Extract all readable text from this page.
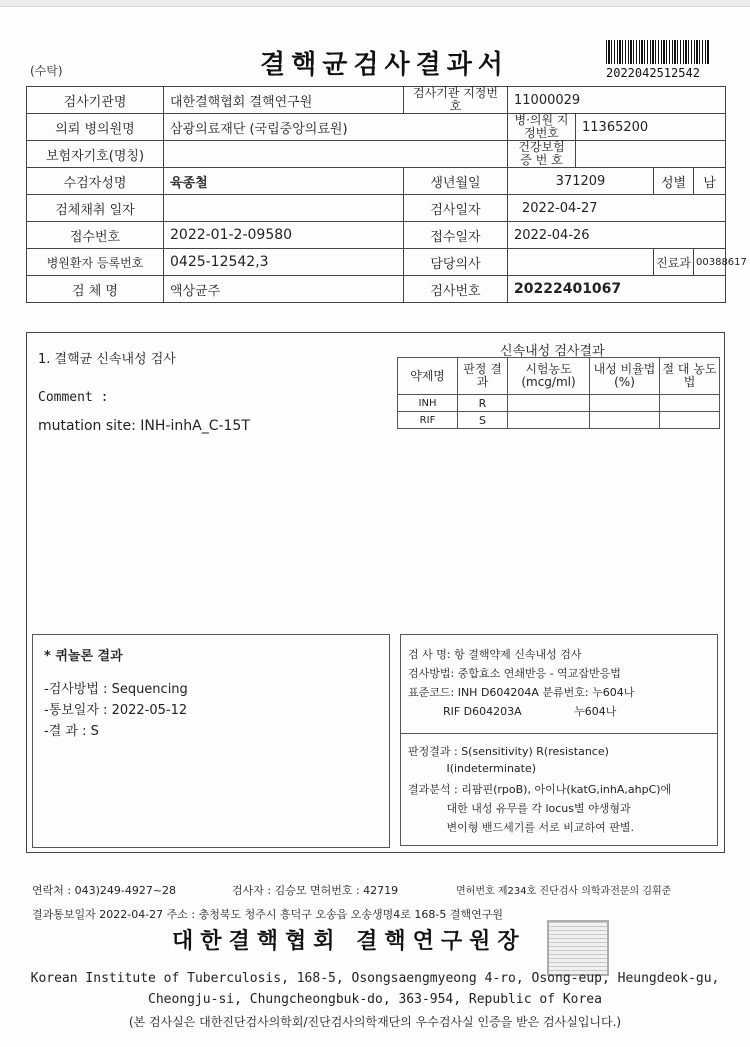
(수탁)	결핵균검사결과서	2022042512542
검사기관명	대한결핵협회 결핵연구원	검사기관 지정번호	11000029			
의뢰 병의원명	삼광의료재단 (국립중앙의료원)		병·의원 지정번호	11365200		
보험자기호(명칭)			건강보험 증 번 호			
수검자성명	육종철	생년월일	371209		성별	남
검체채취 일자		검사일자	2022-04-27			
접수번호	2022-01-2-09580	접수일자	2022-04-26			
병원환자 등록번호	0425-12542,3	담당의사			진료과	00388617
검 체 명	액상균주	검사번호	20222401067			
1. 결핵균 신속내성 검사
Comment :
mutation site: INH-inhA_C-15T
신속내성 검사결과
약제명	판정 결과	시험농도 (mcg/ml)	내성 비율법(%)	절 대 농도법
INH	R			
RIF	S			
* 퀴놀론 결과
-검사방법 : Sequencing
-통보일자 : 2022-05-12
-결 과 : S
검 사 명: 항 결핵약제 신속내성 검사
검사방법: 중합효소 연쇄반응 - 역교잡반응법
표준코드: INH D604204A 분류번호: 누604나
RIF D604203A               누604나
판정결과 : S(sensitivity) R(resistance)
I(indeterminate)
결과분석 : 리팜핀(rpoB), 아이나(katG,inhA,ahpC)에
대한 내성 유무를 각 locus별 야생형과
변이형 밴드세기를 서로 비교하여 판별.
연락처 : 043)249-4927~28	검사자 : 김승모 면허번호 : 42719	면허번호 제234호 진단검사 의학과전문의 김휘준
결과통보일자 2022-04-27 주소 : 충청북도 청주시 흥덕구 오송읍 오송생명4로 168-5 결핵연구원
대한결핵협회 결핵연구원장
Korean Institute of Tuberculosis, 168-5, Osongsaengmyeong 4-ro, Osong-eup, Heungdeok-gu,
Cheongju-si, Chungcheongbuk-do, 363-954, Republic of Korea
(본 검사실은 대한진단검사의학회/진단검사의학재단의 우수검사실 인증을 받은 검사실입니다.)
